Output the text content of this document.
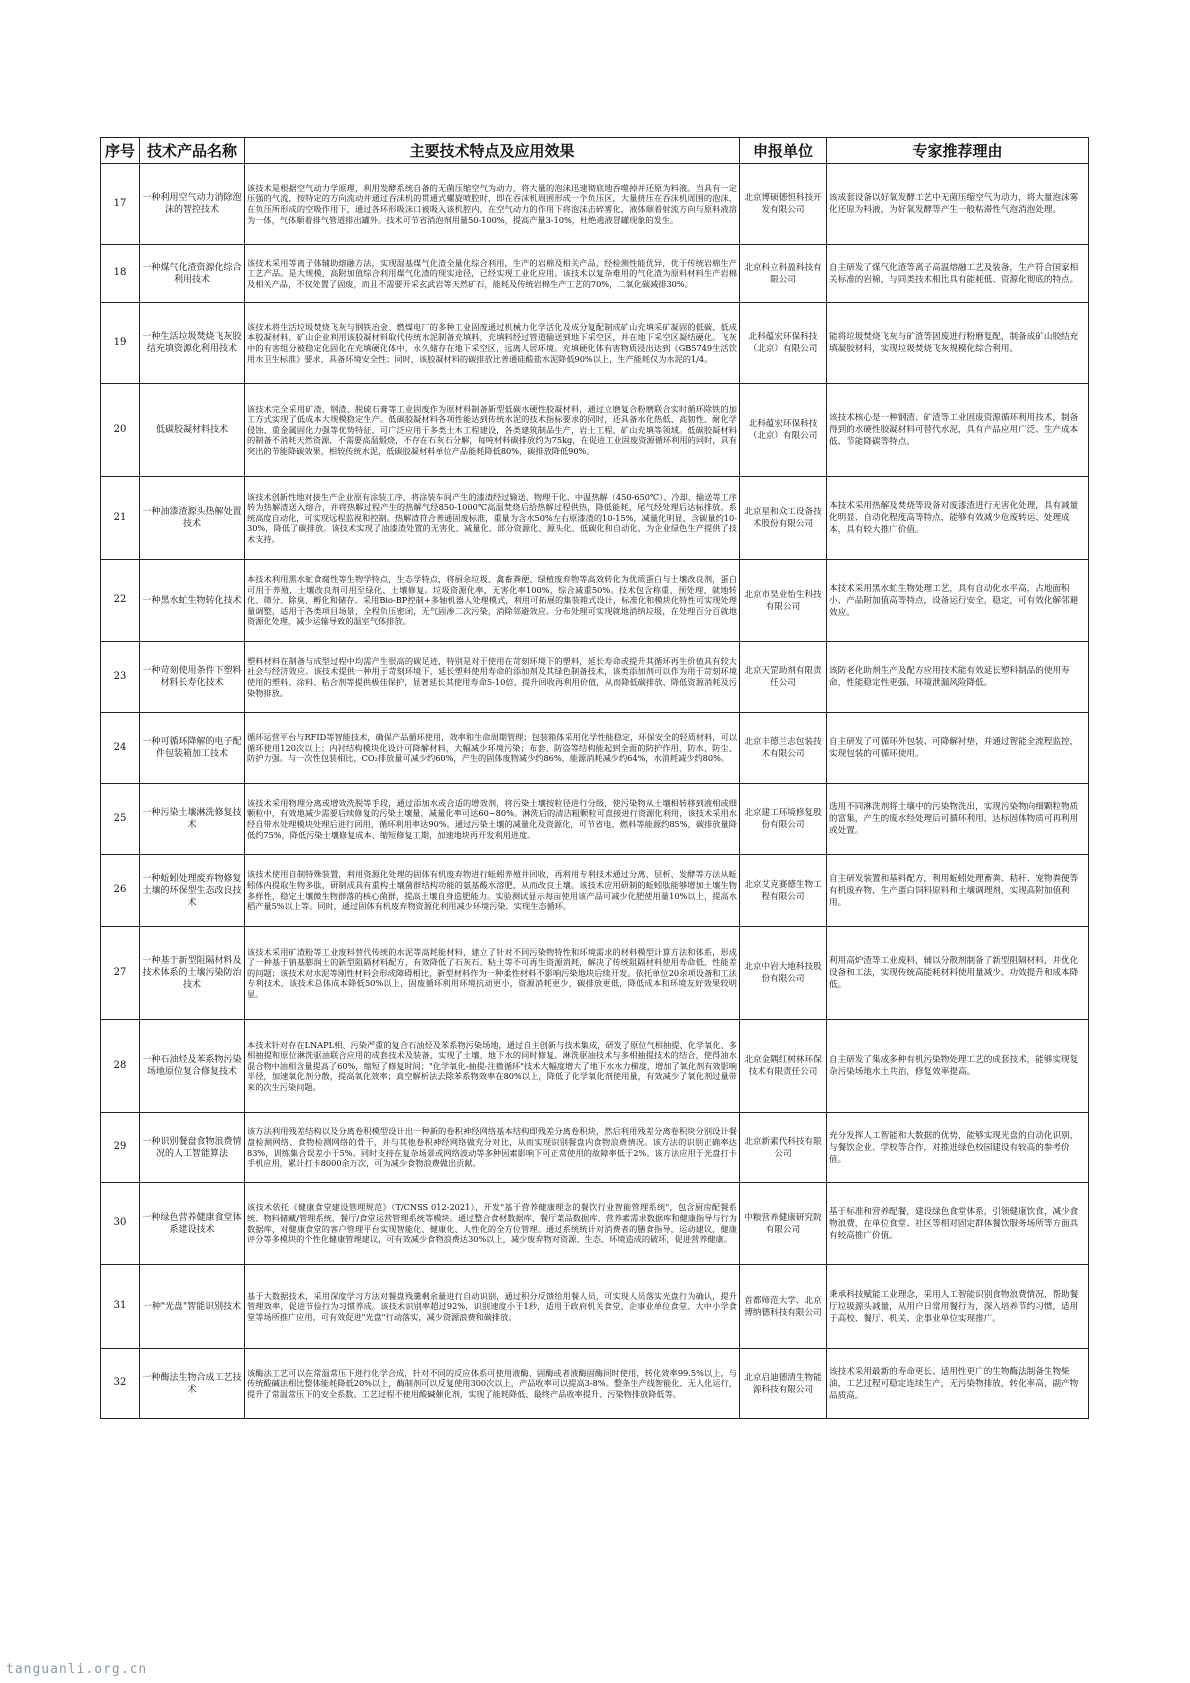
序号	技术产品名称	主要技术特点及应用效果	申报单位	专家推荐理由
17	一种利用空气动力消除泡沫的智控技术	该技术是根据空气动力学原理，利用发酵系统自备的无菌压缩空气为动力，将大量的泡沫迅速彻底地吞噬掉并还原为料液。当具有一定压强的气流，按特定的方向流动并通过吞沫机的贯通式螺旋喷腔时，即在吞沫机周围形成一个负压区，大量挤压在吞沫机周围的泡沫，在负压所形成的空吸作用下，通过各环形吸沫口被吸入该机腔内，在空气动力的作用下将泡沫击碎雾化，液体顺着射流方向与原料液溶为一体，气体顺着排气管道排出罐外。技术可节省消泡剂用量50-100%，提高产量3-10%，杜绝逃液冒罐现象的发生。	北京博硕德恒科技开发有限公司	该成套设备以好氧发酵工艺中无菌压缩空气为动力，将大量泡沫雾化还原为料液，为好氧发酵等产生一般粘滞性气泡消泡处理。
18	一种煤气化渣资源化综合利用技术	该技术采用等离子体辅助熔融方法，实现湿基煤气化渣全量化综合利用，生产的岩棉及相关产品，经检测性能优异，优于传统岩棉生产工艺产品。是大规模、高附加值综合利用煤气化渣的现实途径，已经实现工业化应用。该技术以复杂难用的气化渣为原料材料生产岩棉及相关产品，不仅处置了固废，而且不需要开采玄武岩等天然矿石，能耗及传统岩棉生产工艺的70%，二氧化碳减排30%。	北京科立科盈科技有限公司	自主研发了煤气化渣等离子高温熔融工艺及装备，生产符合国家相关标准的岩棉，与同类技术相比具有能耗低、资源化彻底的特点。
19	一种生活垃圾焚烧飞灰胶结充填资源化利用技术	该技术将生活垃圾焚烧飞灰与钢铁冶金、燃煤电厂的多种工业固废通过机械力化学活化及成分复配制成矿山充填采矿凝固的低碳、低成本胶凝材料，矿山企业利用该胶凝材料取代传统水泥制备充填料，充填料经过管道输送到地下采空区，并在地下采空区凝结硬化。飞灰中的有害组分被稳定化固化在充填硬化体中，永久储存在地下采空区，远离人居环境。充填硬化体有害物质浸出达到《GB5749生活饮用水卫生标准》要求，具备环境安全性；同时，该胶凝材料的碳排放比普通硅酸盐水泥降低90%以上，生产能耗仅为水泥的1/4。	北科蕴宏环保科技（北京）有限公司	能将垃圾焚烧飞灰与矿渣等固废进行粉磨复配，制备成矿山胶结充填凝胶材料，实现垃圾焚烧飞灰规模化综合利用。
20	低碳胶凝材料技术	该技术完全采用矿渣、钢渣、脱硫石膏等工业固废作为原材料制备新型低碳水硬性胶凝材料，通过立磨复合粉磨联合实时循环除铁的加工方式实现了低成本大规模稳定生产。低碳胶凝材料各项性能达到传统水泥的技术指标要求的同时，还具备水化热低、高韧性、耐化学侵蚀、重金属固化力强等优势特征，可广泛应用于多类土木工程建设，各类建筑制品生产，岩土工程、矿山充填等领域。低碳胶凝材料的制备不消耗天然资源，不需要高温煅烧，不存在石灰石分解，每吨材料碳排放约为75kg，在促进工业固废资源循环利用的同时，具有突出的节能降碳效果，相较传统水泥，低碳胶凝材料单位产品能耗降低80%，碳排放降低90%。	北科蕴宏环保科技（北京）有限公司	该技术核心是一种钢渣、矿渣等工业固废资源循环利用技术，制备得到的水硬性胶凝材料可替代水泥，具有产品应用广泛、生产成本低、节能降碳等特点。
21	一种油漆渣源头热解处置技术	该技术创新性地对接生产企业原有涂装工序，将涂装车间产生的漆渣经过输送、物理干化、中温热解（450-650℃）、冷却、输送等工序转为热解渣送入熔合，并将热解过程产生的热解气经850-1000℃高温焚烧后给热解过程供热，降低能耗，尾气经处理后达标排放。系统高度自动化，可实现远程监视和控制。热解渣符合普通固废标准，重量为含水50%左右原漆渣的10-15%，减量化明显，含碳量约10-30%，降低了碳排放。该技术实现了油漆渣处置的无害化、减量化、部分资源化、源头化、低碳化和自动化，为企业绿色生产提供了技术支持。	北京星和众工设备技术股份有限公司	本技术采用热解及焚烧等设备对废漆渣进行无害化处理，具有减量化明显、自动化程度高等特点，能够有效减少危废转运、处理成本，具有较大推广价值。
22	一种黑水虻生物转化技术	本技术利用黑水虻食腐性等生物学特点，生态学特点，将厨余垃圾、禽畜粪便、绿植废弃物等高效转化为优质蛋白与土壤改良剂，蛋白可用于养殖，土壤改良剂可用至绿化、土壤修复。垃圾资源化率，无害化率100%，综合减重50%。技术包含称重、预处理、就地转化、筛分、除臭、孵化和储存。采用Bio-BP控制+多轴机器人处理模式，利用可拓展的集装箱式设计，标准化和模块化特性可实现处理量调整，适用于各类项目场景，全程负压密闭，无气固渗二次污染，消除邻避效应。分布处理可实现就地消纳垃圾，在处理百分百就地资源化处理，减少运输导致的温室气体排放。	北京市昊业怡生科技有限公司	本技术采用黑水虻生物处理工艺，具有自动化水平高，占地面积小、产品附加值高等特点，设备运行安全，稳定，可有效化解邻避效应。
23	一种苛刻使用条件下塑料材料长寿化技术	塑料材料在制备与成型过程中均需产生很高的碳足迹，特别是对于使用在苛刻环境下的塑料，延长寿命或提升其循环再生价值具有较大社会与经济效应。该技术提供一种用于苛刻环境下，延长塑料使用寿命的添加剂及其绿色制备技术，该类添加剂可以作为用于苛刻环境使用的塑料、涂料、粘合剂等提供极佳保护，显著延长其使用寿命5-10倍，提升回收再利用价值，从而降低碳排放、降低资源消耗及污染物排放。	北京天罡助剂有限责任公司	该防老化助剂生产及配方应用技术能有效延长塑料制品的使用寿命，性能稳定性更强，环境泄漏风险降低。
24	一种可循环降解的电子配件包装箱加工技术	循环运营平台与RFID等智能技术，确保产品循环使用，效率和生命周期管理；包装箱体采用化学性能稳定，环保安全的轻质材料，可以循环使用120次以上；内衬结构模块化设计可降解材料，大幅减少环境污染；布套、防盗等结构能起到全面的防护作用，防水、防尘、防护力强。与一次性包装相比，CO₂排放量可减少约60%，产生的固体废物减少约86%，能源消耗减少约64%，水消耗减少约80%。	北京丰德兰志包装技术有限公司	自主研发了可循环外包装、可降解衬垫，并通过智能全流程监控，实现包装的可循环使用。
25	一种污染土壤淋洗修复技术	该技术采用物理分离或增效洗脱等手段，通过添加水或合适的增效剂，将污染土壤按粒径进行分级，使污染物从土壤相转移到液相或细颗粒中，有效地减少需要后续修复的污染土壤量，减量化率可达60~80%。淋洗后的清洁粗颗粒可直接进行资源化利用，该技术采用水经自带水处理模块处理后进行回用，循环利用率达90%。通过污染土壤的减量化及资源化，可节省电、燃料等能源约85%，碳排放量降低约75%，降低污染土壤修复成本、缩短修复工期，加速地块再开发利用进度。	北京建工环境修复股份有限公司	选用不同淋洗剂将土壤中的污染物洗出，实现污染物向细颗粒物质的富集，产生的废水经处理后可循环利用，达标固体物质可再利用或处置。
26	一种蚯蚓处理废弃物修复土壤的环保型生态改良技术	该技术使用自制特殊装置，利用资源化处理的固体有机废弃物进行蚯蚓养殖并回收，再利用专利技术通过分离、层析、发酵等方法从蚯蚓体内提取生物多肽，研制成具有重构土壤菌群结构功能的氨基酸水溶肥，从而改良土壤。该技术应用研制的蚯蚓肽能够增加土壤生物多样性，稳定土壤微生物群落的核心菌群，提高土壤自身造肥能力。实验测试显示每亩使用该产品可减少化肥使用量10%以上，提高水稻产量5%以上等。同时，通过固体有机废弃物资源化利用减少环境污染，实现生态循环。	北京艾克赛德生物工程有限公司	自主研发装置和基料配方，利用蚯蚓处理畜粪、秸秆、宠物粪便等有机废弃物，生产蛋白饲料原料和土壤调理剂，实现高附加值利用。
27	一种基于新型阻隔材料及技术体系的土壤污染防治技术	该技术采用矿渣粉等工业废料替代传统的水泥等高耗能材料，建立了针对不同污染物特性和环境需求的材料模型计算方法和体系，形成了一种基于钠基膨润土的新型阻隔材料配方，有效降低了石灰石、粘土等不可再生资源消耗，解决了传统阻隔材料使用寿命低、性能差的问题；该技术对水泥等刚性材料会形成障碍相比，新型材料作为一种柔性材料不影响污染地块后续开发。依托单位20余项设备和工法专利技术，该技术总体成本降低50%以上，固废循环利用环境抗动更小，资源消耗更少，碳排放更低，降低成本和环境友好效果较明显。	北京中岩大地科技股份有限公司	利用高炉渣等工业废料，辅以分散剂制备了新型阻隔材料，并优化设备和工法，实现传统高能耗材料使用量减少、功效提升和成本降低。
28	一种石油烃及苯系物污染场地原位复合修复技术	本技术针对存在LNAPL相、污染严重的复合石油烃及苯系物污染场地，通过自主创新与技术集成，研发了原位气相抽提、化学氧化、多相抽提和原位淋洗驱油联合应用的成套技术及装备，实现了土壤、地下水的同时修复。淋洗驱油技术与多相抽提技术的结合，使得油水混合物中油相含量提高了60%，缩短了修复时间；"化学氧化-抽提-注微循环"技术大幅度增大了地下水水力梯度，增加了氧化剂有效影响半径，加速氧化剂分散，提高氧化效率；真空解析法去除苯系物效率在80%以上，降低了化学氧化剂使用量，有效减少了氧化剂过量带来的次生污染问题。	北京金隅红树林环保技术有限责任公司	自主研发了集成多种有机污染物处理工艺的成套技术，能够实现复杂污染场地水土共治，修复效率提高。
29	一种识别餐盘食物浪费情况的人工智能算法	该方法利用残差结构以及分离卷积模型设计出一种新的卷积神经网络基本结构即残差分离卷积块，然后利用残差分离卷积块分别设计餐盘检测网络、食物检测网络的骨干，并与其他卷积神经网络做充分对比，从而实现识别餐盘内食物浪费情况。该方法的识别正确率达83%，训练集合误差小于5%。同时支持在复杂场景或网络波动等多种因素影响下可正常使用的故障率低于2%。该方法应用于光盘打卡手机应用，累计打卡8000余万次，可为减少食物浪费做出贡献。	北京新素代科技有限公司	充分发挥人工智能和大数据的优势，能够实现光盘的自动化识别，与餐饮企业、学校等合作，对推进绿色校园建设有较高的参考价值。
30	一种绿色营养健康食堂体系建设技术	该技术依托《健康食堂建设管理规范》（T/CNSS 012-2021），开发"基于营养健康理念的餐饮行业智能管理系统"，包含厨房配餐系统、物料储藏/管理系统、餐厅/食堂运营管理系统等模块。通过整合食材数据库、餐厅菜品数据库、营养素需求数据库和健康指导与行为数据库，对健康食堂的客户管理平台实现智能化、健康化、人性化的全方位管理。通过系统统计对消费者的膳食指导，运动建议，健康评分等多模块的个性化健康管理建议，可有效减少食物浪费达30%以上，减少废弃物对资源、生态、环境造成的破坏，促进营养健康。	中粮营养健康研究院有限公司	基于标准和营养配餐，建设绿色食堂体系，引领健康饮食，减少食物浪费，在单位食堂、社区等相对固定群体餐饮服务场所等方面具有较高推广价值。
31	一种"光盘"智能识别技术	基于大数据技术，采用深度学习方法对餐盘残羹剩余量进行自动识别，通过积分反馈给用餐人员，可实现人员落实光盘行为确认，提升管理效率，促进节俭行为习惯养成。该技术识别率超过92%，识别速度小于1秒，适用于政府机关食堂、企事业单位食堂、大中小学食堂等场所推广应用，可有效促进"光盘"行动落实，减少资源浪费和碳排放。	首都师范大学、北京博纳德科技有限公司	秉承科技赋能工业理念，采用人工智能识别食物浪费情况，帮助餐厅垃圾源头减量，从用户日常用餐行为，深入培养节约习惯，适用于高校、餐厅、机关、企事业单位实现推广。
32	一种酶法生物合成工艺技术	该酶法工艺可以在常温常压下进行化学合成，针对不同的反应体系可使用液酶、固酶或者液酶固酶同时使用，转化效率99.5%以上，与传统酸碱法相比整体能耗降低20%以上，酶制剂可以反复使用300次以上，产品收率可以提高3-8%。整条生产线智能化、无人化运行，提升了常温常压下的安全系数。工艺过程不使用酸碱催化剂，实现了能耗降低、最终产品收率提升、污染物排放降低等。	北京启迪德清生物能源科技有限公司	该技术采用最新的寿命更长、适用性更广的生物酶法制备生物柴油，工艺过程可稳定连续生产，无污染物排放，转化率高，副产物品质高。
tanguanli.org.cn
